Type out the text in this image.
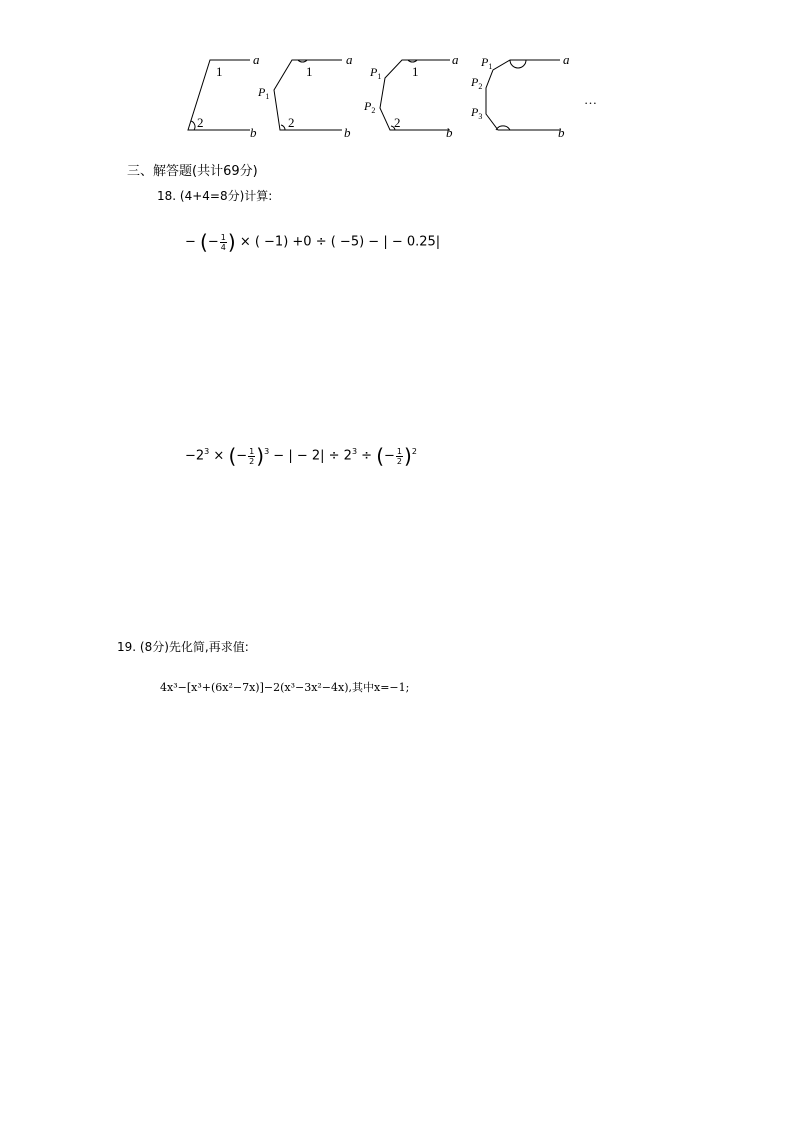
a
b
a
b
a
b
a
b
1
2
1
2
1
2
…
$P_1$
$P_1$
$P_2$
$P_1$
$P_2$
$P_3$
三、解答题(共计69分)
18. (4+4=8分)计算:
− (− $\frac{1}{4}$ ) × ( −1) +0 ÷ ( −5) − | − 0.25|
$-2^3$ × (− $\frac{1}{2} )^3$ − | − $2| \div 2^3$ ÷ (− $\frac{1}{2} )^2$
19. (8分)先化简,再求值:
4x³−[x³+(6x²−7x)]−2(x³−3x²−4x),其中x=−1;
